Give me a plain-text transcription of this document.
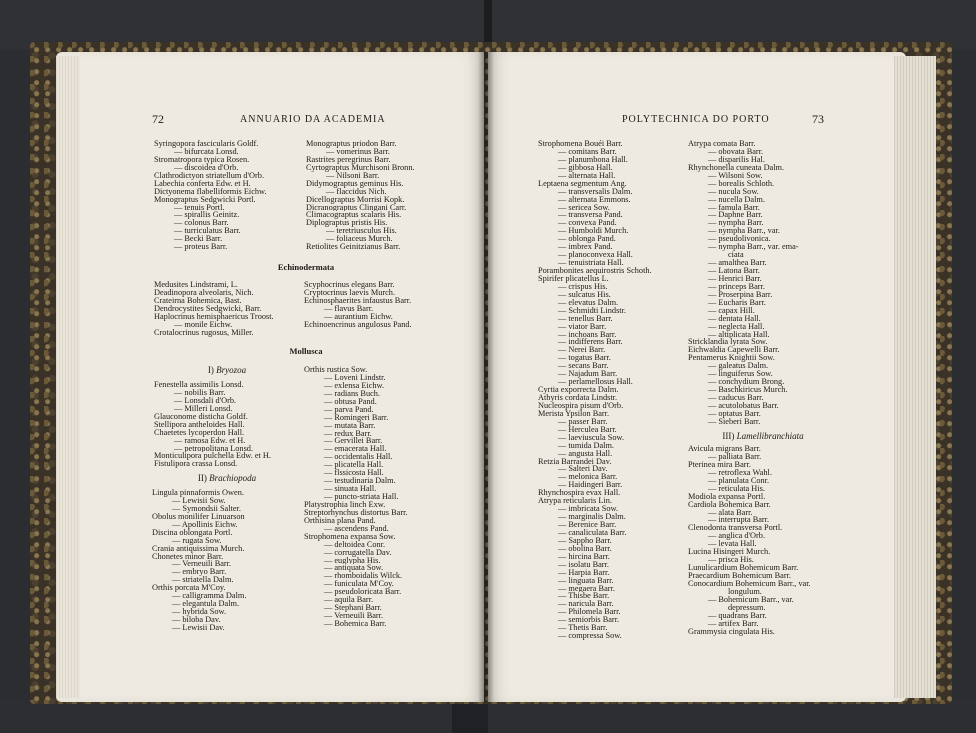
72	ANNUARIO DA ACADEMIA
Syringopora fascicularis Goldf.
— bifurcata Lonsd.
Stromatropora typica Rosen.
— discoidea d'Orb.
Clathrodictyon striatellum d'Orb.
Labechia conferta Edw. et H.
Dictyonema flabelliformis Eichw.
Monograptus Sedgwicki Portl.
— tenuis Portl.
— spirallis Geinitz.
— colonus Barr.
— turriculatus Barr.
— Becki Barr.
— proteus Barr.
Monograptus priodon Barr.
— vomerinus Barr.
Rastrites peregrinus Barr.
Cyrtograptus Murchisoni Bronn.
— Nilsoni Barr.
Didymograptus geminus His.
— flaccidus Nich.
Dicellograptus Morrisi Kopk.
Dicranograptus Clingani Carr.
Climacograptus scalaris His.
Diplograptus pristis His.
— teretriusculus His.
— foliaceus Murch.
Retiolites Geinitzianus Barr.
Echinodermata
Medusites Lindstrami, L.
Deadinopora alveolaris, Nich.
Crateirna Bohemica, Bast.
Dendrocystites Sedgwicki, Barr.
Haplocrinus hemisphaericus Troost.
— monile Eichw.
Crotalocrinus rugosus, Miller.
Scyphocrinus elegans Barr.
Cryptocrinus laevis Murch.
Echinosphaerites infaustus Barr.
— flavus Barr.
— aurantium Eichw.
Echinoencrinus angulosus Pand.
Mollusca
I) Bryozoa
Fenestella assimilis Lonsd.
— nobilis Barr.
— Lonsdali d'Orb.
— Milleri Lonsd.
Glauconome disticha Goldf.
Stellipora antheloides Hall.
Chaetetes lycoperdon Hall.
— ramosa Edw. et H.
— petropolitana Lonsd.
Monticulipora pulchella Edw. et H.
Fistulipora crassa Lonsd.
II) Brachiopoda
Lingula pinnaformis Owen.
— Lewisii Sow.
— Symondsii Salter.
Obolus monilifer Linuarson
— Apollinis Eichw.
Discina oblongata Portl.
— rugata Sow.
Crania antiquissima Murch.
Chonetes minor Barr.
— Verneuili Barr.
— embryo Barr.
— striatella Dalm.
Orthis porcata M'Coy.
— calligramma Dalm.
— elegantula Dalm.
— hybrida Sow.
— biloba Dav.
— Lewisii Dav.
Orthis rustica Sow.
— Loveni Lindstr.
— exlensa Eichw.
— radians Buch.
— obtusa Pand.
— parva Pand.
— Romingeri Barr.
— mutata Barr.
— redux Barr.
— Gervillei Barr.
— emacerata Hall.
— occidentalis Hall.
— plicatella Hall.
— flssicosta Hall.
— testudinaria Dalm.
— sinuata Hall.
— puncto-striata Hall.
Platystrophia linch Exw.
Streptorhynchus distortus Barr.
Orthisina plana Pand.
— ascendens Pand.
Strophomena expansa Sow.
— deltoidea Conr.
— corrugatella Dav.
— euglypha His.
— antiquata Sow.
— rhomboidalis Wilck.
— funiculata M'Coy.
— pseudoloricata Barr.
— aquila Barr.
— Stephani Barr.
— Verneuili Barr.
— Bohemica Barr.
POLYTECHNICA DO PORTO	73
Strophomena Bouéi Barr.
— comitans Barr.
— planumbona Hall.
— gibbosa Hall.
— alternata Hall.
Leptaena segmentum Ang.
— transversalis Dalm.
— alternata Emmons.
— sericea Sow.
— transversa Pand.
— convexa Pand.
— Humboldi Murch.
— oblonga Pand.
— imbrex Pand.
— planoconvexa Hall.
— tenuistriata Hall.
Porambonites aequirostris Schoth.
Spirifer plicatellus L.
— crispus His.
— sulcatus His.
— elevatus Dalm.
— Schmidti Lindstr.
— tenellus Barr.
— viator Barr.
— inchoans Barr.
— indifferens Barr.
— Nerei Barr.
— togatus Barr.
— secans Barr.
— Najadum Barr.
— perlamellosus Hall.
Cyrtia exporrecta Dalm.
Athyris cordata Lindstr.
Nucleospira pisum d'Orb.
Merista Ypsilon Barr.
— passer Barr.
— Herculea Barr.
— laeviuscula Sow.
— tumida Dalm.
— angusta Hall.
Retzia Barrandei Dav.
— Salteri Dav.
— melonica Barr.
— Haidingeri Barr.
Rhynchospira evax Hall.
Atrypa reticularis Lin.
— imbricata Sow.
— marginalis Dalm.
— Berenice Barr.
— canaliculata Barr.
— Sappho Barr.
— obolina Barr.
— hircina Barr.
— isolatu Barr.
— Harpia Barr.
— linguata Barr.
— megaera Barr.
— Thisbe Barr.
— naricula Barr.
— Philomela Barr.
— semiorbis Barr.
— Thetis Barr.
— compressa Sow.
Atrypa comata Barr.
— obovata Barr.
— disparilis Hal.
Rhynchonella cuneata Dalm.
— Wilsoni Sow.
— borealis Schloth.
— nucula Sow.
— nucella Dalm.
— famula Barr.
— Daphne Barr.
— nympha Barr.
— nympha Barr., var.
— pseudolivonica.
— nympha Barr., var. ema-
ciata
— amalthea Barr.
— Latona Barr.
— Henrici Barr.
— princeps Barr.
— Proserpina Barr.
— Eucharis Barr.
— capax Hill.
— dentata Hall.
— neglecta Hall.
— altiplicata Hall.
Stricklandia lyrata Sow.
Eichwaldia Capewelli Barr.
Pentamerus Knightii Sow.
— galeatus Dalm.
— linguiferus Sow.
— conchydium Brong.
— Baschkiricus Murch.
— caducus Barr.
— acutolobatus Barr.
— optatus Barr.
— Sieberi Barr.
III) Lamellibranchiata
Avicula migrans Barr.
— palliata Barr.
Pterinea mira Barr.
— retroflexa Wahl.
— planulata Conr.
— reticulata His.
Modiola expansa Portl.
Cardiola Bohemica Barr.
— alata Barr.
— interrupta Barr.
Clenodonta transversa Portl.
— anglica d'Orb.
— levata Hall.
Lucina Hisingeri Murch.
— prisca His.
Lunulicardium Bohemicum Barr.
Praecardium Bohemicum Barr.
Conocardium Bohemicum Barr., var.
longulum.
— Bohemicum Barr., var.
depressum.
— quadrans Barr.
— artifex Barr.
Grammysia cingulata His.
